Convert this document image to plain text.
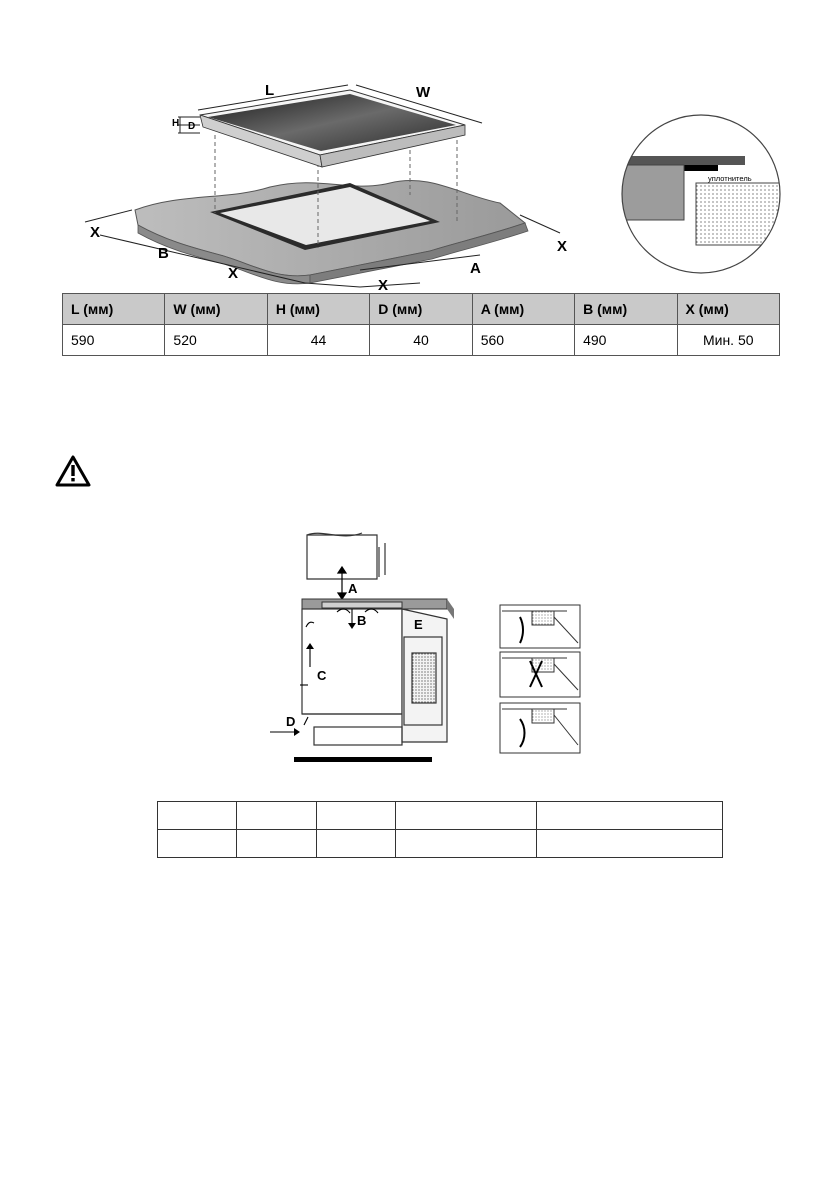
L	W
H D
X
B
X	A
X
X
уплотнитель
L (мм)	W (мм)	H (мм)	D (мм)	A (мм)	B (мм)	X (мм)
590	520	44	40	560	490	Мин. 50
A
B
C
D
E
